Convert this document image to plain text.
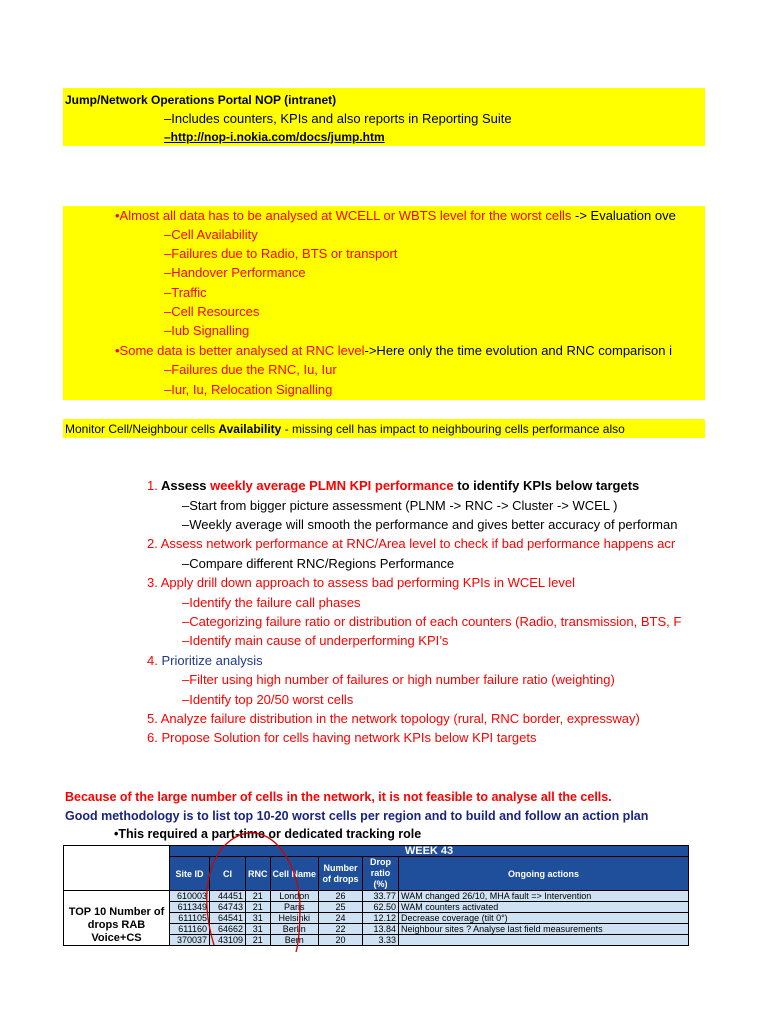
Jump/Network Operations Portal NOP (intranet)
–Includes counters, KPIs and also reports in Reporting Suite
–http://nop-i.nokia.com/docs/jump.htm
•Almost all data has to be analysed at WCELL or WBTS level for the worst cells -> Evaluation ove
–Cell Availability
–Failures due to Radio, BTS or transport
–Handover Performance
–Traffic
–Cell Resources
–Iub Signalling
•Some data is better analysed at RNC level->Here only the time evolution and RNC comparison i
–Failures due the RNC, Iu, Iur
–Iur, Iu, Relocation Signalling
Monitor Cell/Neighbour cells Availability - missing cell has impact to neighbouring cells performance also
1. Assess weekly average PLMN KPI performance to identify KPIs below targets
–Start from bigger picture assessment (PLNM -> RNC -> Cluster -> WCEL )
–Weekly average will smooth the performance and gives better accuracy of performan
2. Assess network performance at RNC/Area level to check if bad performance happens acr
–Compare different RNC/Regions Performance
3. Apply drill down approach to assess bad performing KPIs in WCEL level
–Identify the failure call phases
–Categorizing failure ratio or distribution of each counters (Radio, transmission, BTS, F
–Identify main cause of underperforming KPI’s
4. Prioritize analysis
–Filter using high number of failures or high number failure ratio (weighting)
–Identify top 20/50 worst cells
5. Analyze failure distribution in the network topology (rural, RNC border, expressway)
6. Propose Solution for cells having network KPIs below KPI targets
Because of the large number of cells in the network, it is not feasible to analyse all the cells.
Good methodology is to list top 10-20 worst cells per region and to build and follow an action plan
•This required a part-time or dedicated tracking role
	WEEK 43						
	Site ID	CI	RNC	Cell Name	Number of drops	Drop ratio (%)	Ongoing actions
TOP 10 Number of drops RAB Voice+CS	610003	44451	21	London	26	33.77	WAM changed 26/10, MHA fault => Intervention
	611349	64743	21	Paris	25	62.50	WAM counters activated
	611105	64541	31	Helsinki	24	12.12	Decrease coverage (tilt 0°)
	611160	64662	31	Berlin	22	13.84	Neighbour sites ? Analyse last field measurements
	370037	43109	21	Bern	20	3.33	
